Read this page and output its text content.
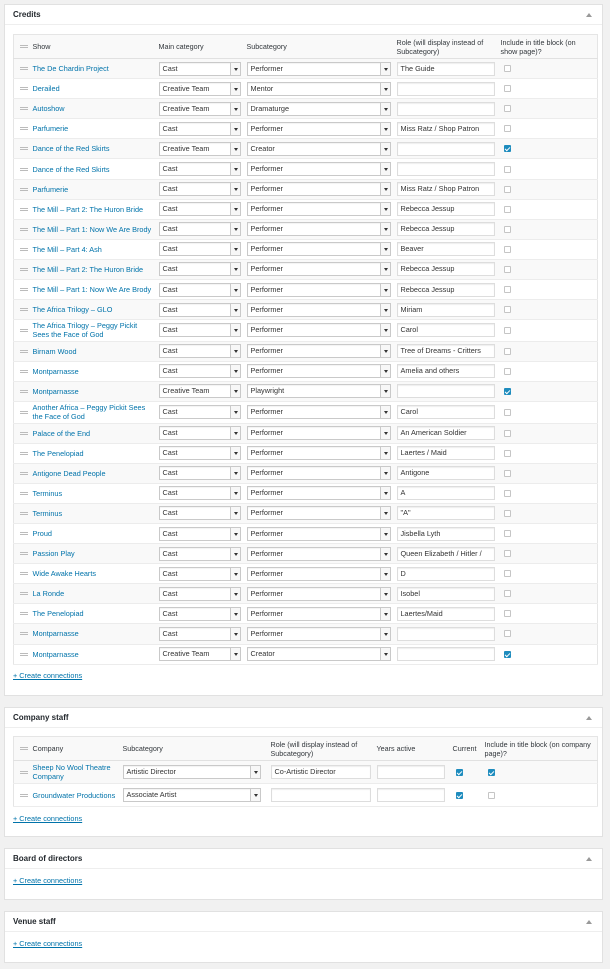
Credits
	Show	Main category	Subcategory	Role (will display instead of Subcategory)	Include in title block (on show page)?

	The De Chardin Project	Cast	Performer	The Guide	

	Derailed	Creative Team	Mentor		

	Autoshow	Creative Team	Dramaturge		

	Parfumerie	Cast	Performer	Miss Ratz / Shop Patron	

	Dance of the Red Skirts	Creative Team	Creator		

	Dance of the Red Skirts	Cast	Performer		

	Parfumerie	Cast	Performer	Miss Ratz / Shop Patron	

	The Mill – Part 2: The Huron Bride	Cast	Performer	Rebecca Jessup	

	The Mill – Part 1: Now We Are Brody	Cast	Performer	Rebecca Jessup	

	The Mill – Part 4: Ash	Cast	Performer	Beaver	

	The Mill – Part 2: The Huron Bride	Cast	Performer	Rebecca Jessup	

	The Mill – Part 1: Now We Are Brody	Cast	Performer	Rebecca Jessup	

	The Africa Trilogy – GLO	Cast	Performer	Miriam	

	The Africa Trilogy – Peggy Pickit Sees the Face of God	Cast	Performer	Carol	

	Birnam Wood	Cast	Performer	Tree of Dreams - Critters	

	Montparnasse	Cast	Performer	Amelia and others	

	Montparnasse	Creative Team	Playwright		

	Another Africa – Peggy Pickit Sees the Face of God	Cast	Performer	Carol	

	Palace of the End	Cast	Performer	An American Soldier	

	The Penelopiad	Cast	Performer	Laertes / Maid	

	Antigone Dead People	Cast	Performer	Antigone	

	Terminus	Cast	Performer	A	

	Terminus	Cast	Performer	"A"	

	Proud	Cast	Performer	Jisbella Lyth	

	Passion Play	Cast	Performer	Queen Elizabeth / Hitler /	

	Wide Awake Hearts	Cast	Performer	D	

	La Ronde	Cast	Performer	Isobel	

	The Penelopiad	Cast	Performer	Laertes/Maid	

	Montparnasse	Cast	Performer		

	Montparnasse	Creative Team	Creator		

+ Create connections
Company staff
	Company	Subcategory	Role (will display instead of Subcategory)	Years active	Current	Include in title block (on company page)?

	Sheep No Wool Theatre Company	Artistic Director	Co-Artistic Director			

	Groundwater Productions	Associate Artist				

+ Create connections
Board of directors
+ Create connections
Venue staff
+ Create connections
